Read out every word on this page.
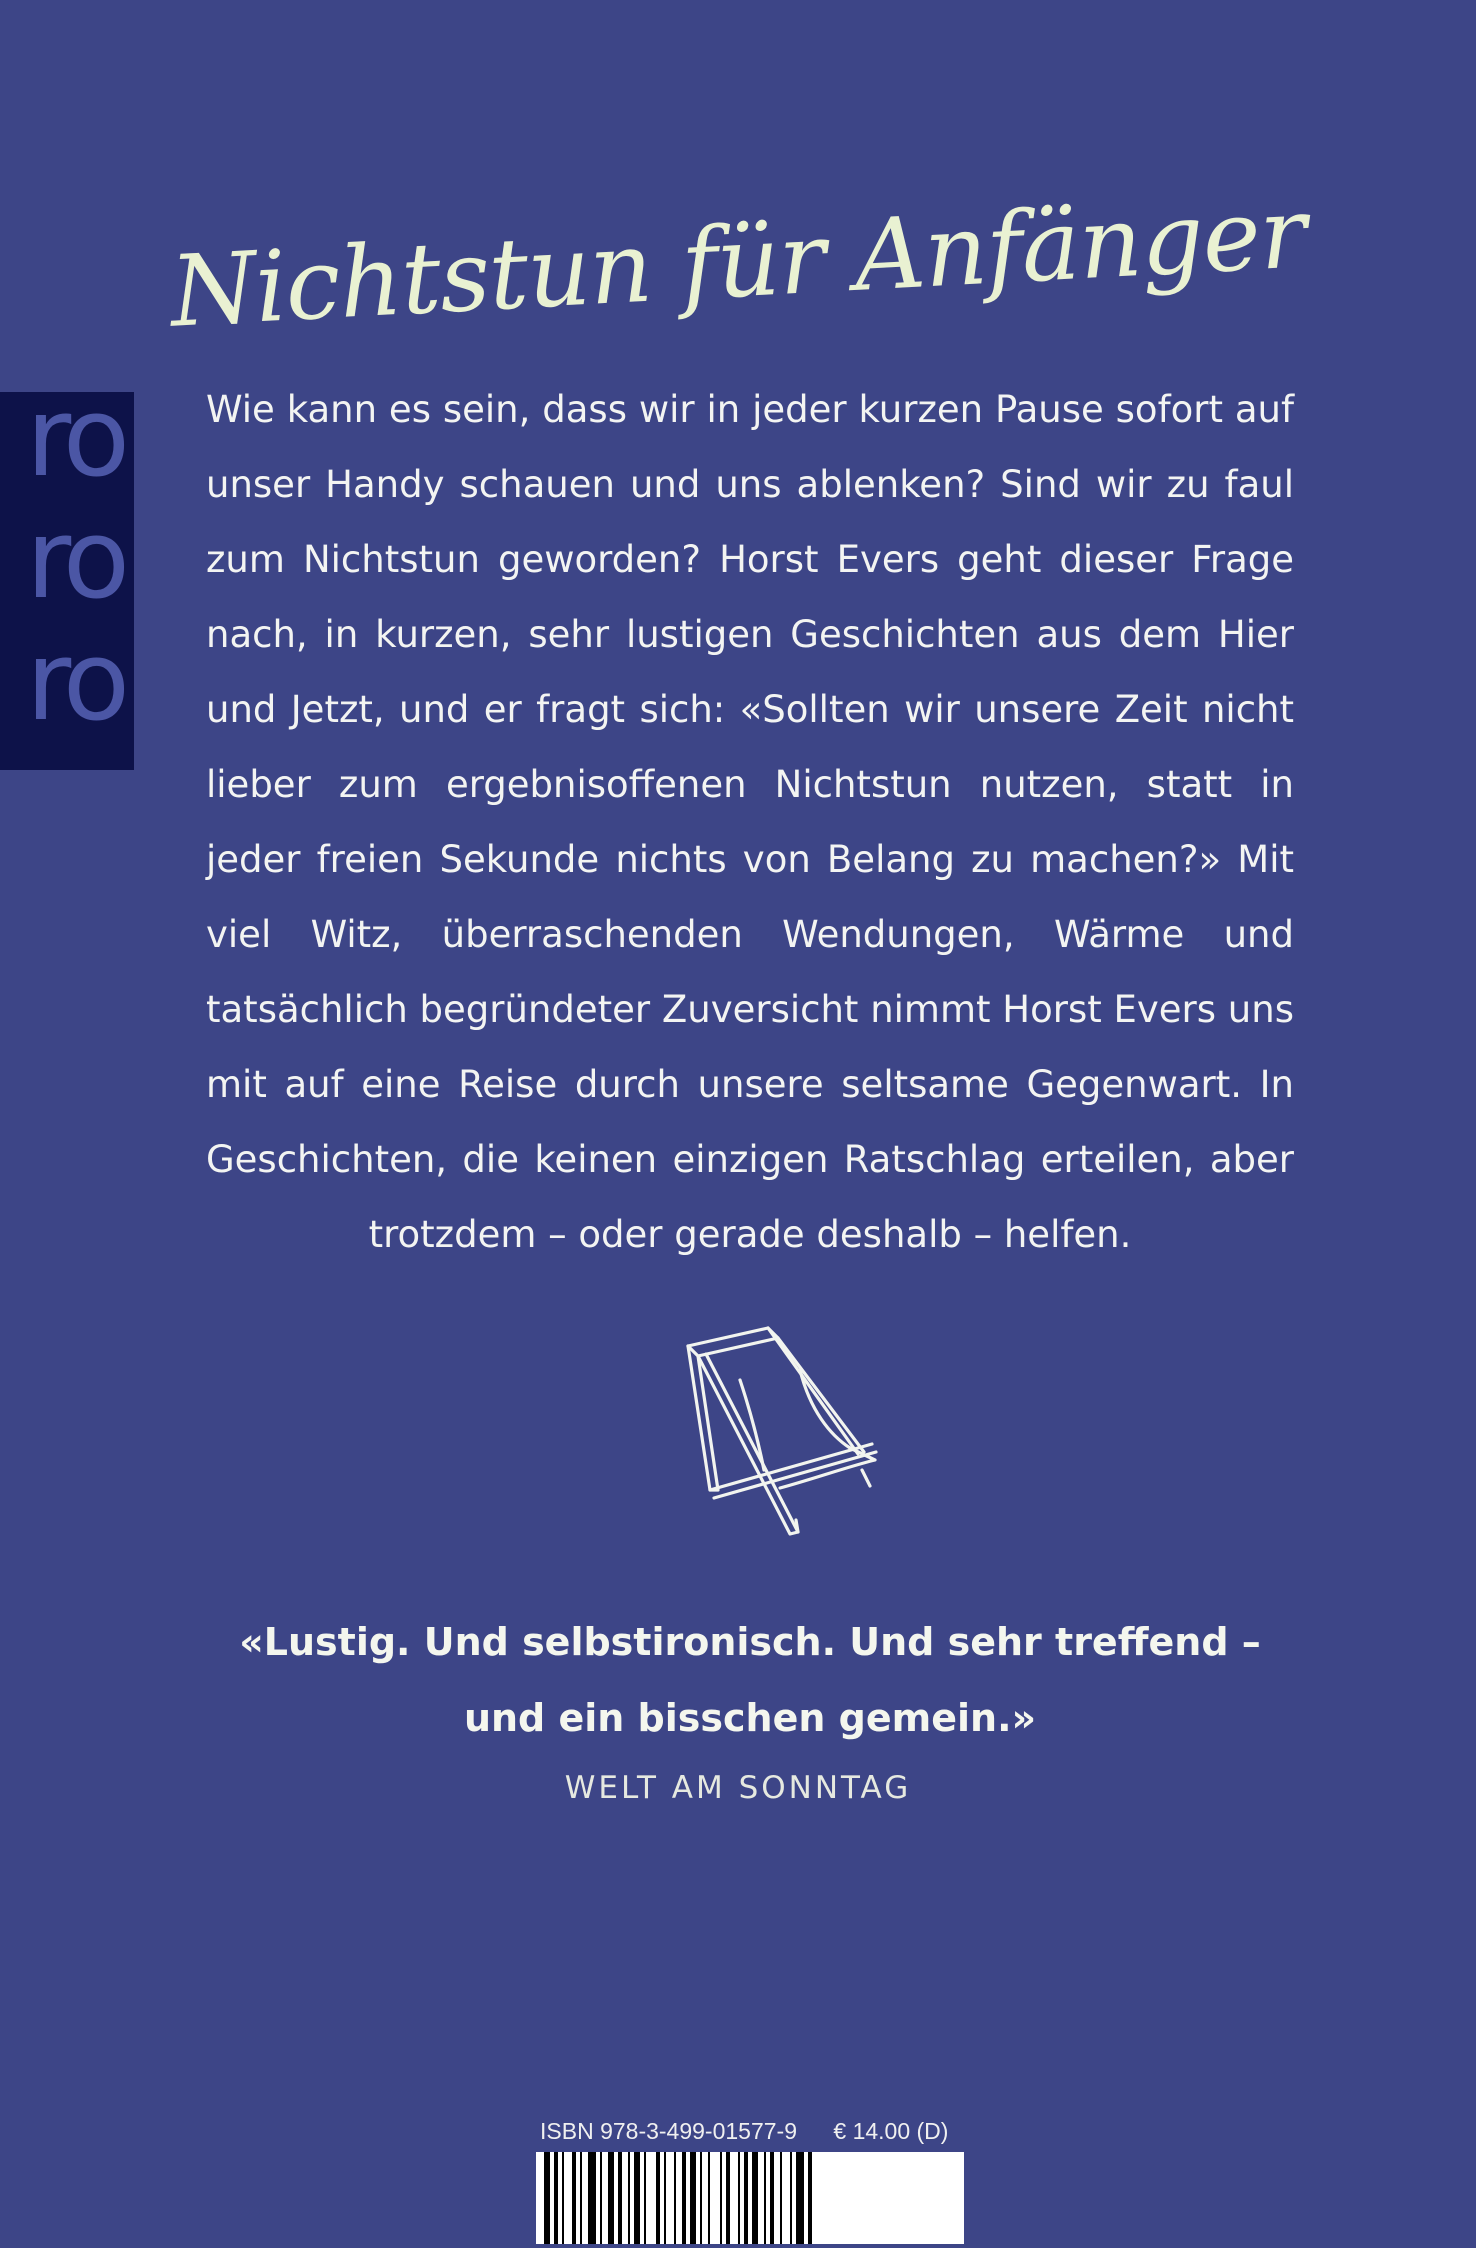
Nichtstun für Anfänger
ro
ro
ro

Wie kann es sein, dass wir in jeder kurzen Pause sofort auf unser Handy schauen und uns ablenken? Sind wir zu faul zum Nichtstun geworden? Horst Evers geht dieser Frage nach, in kurzen, sehr lustigen Geschichten aus dem Hier und Jetzt, und er fragt sich: «Sollten wir unsere Zeit nicht lieber zum ergebnisoffenen Nichtstun nutzen, statt in jeder freien Sekunde nichts von Belang zu machen?» Mit viel Witz, überraschenden Wendungen, Wärme und tatsächlich begründeter Zuversicht nimmt Horst Evers uns mit auf eine Reise durch unsere seltsame Gegenwart. In Geschichten, die keinen einzigen Ratschlag erteilen, aber trotzdem – oder gerade deshalb – helfen.

«Lustig. Und selbstironisch. Und sehr treffend –
und ein bisschen gemein.»

WELT AM SONNTAG
ISBN 978-3-499-01577-9 € 14.00 (D)
